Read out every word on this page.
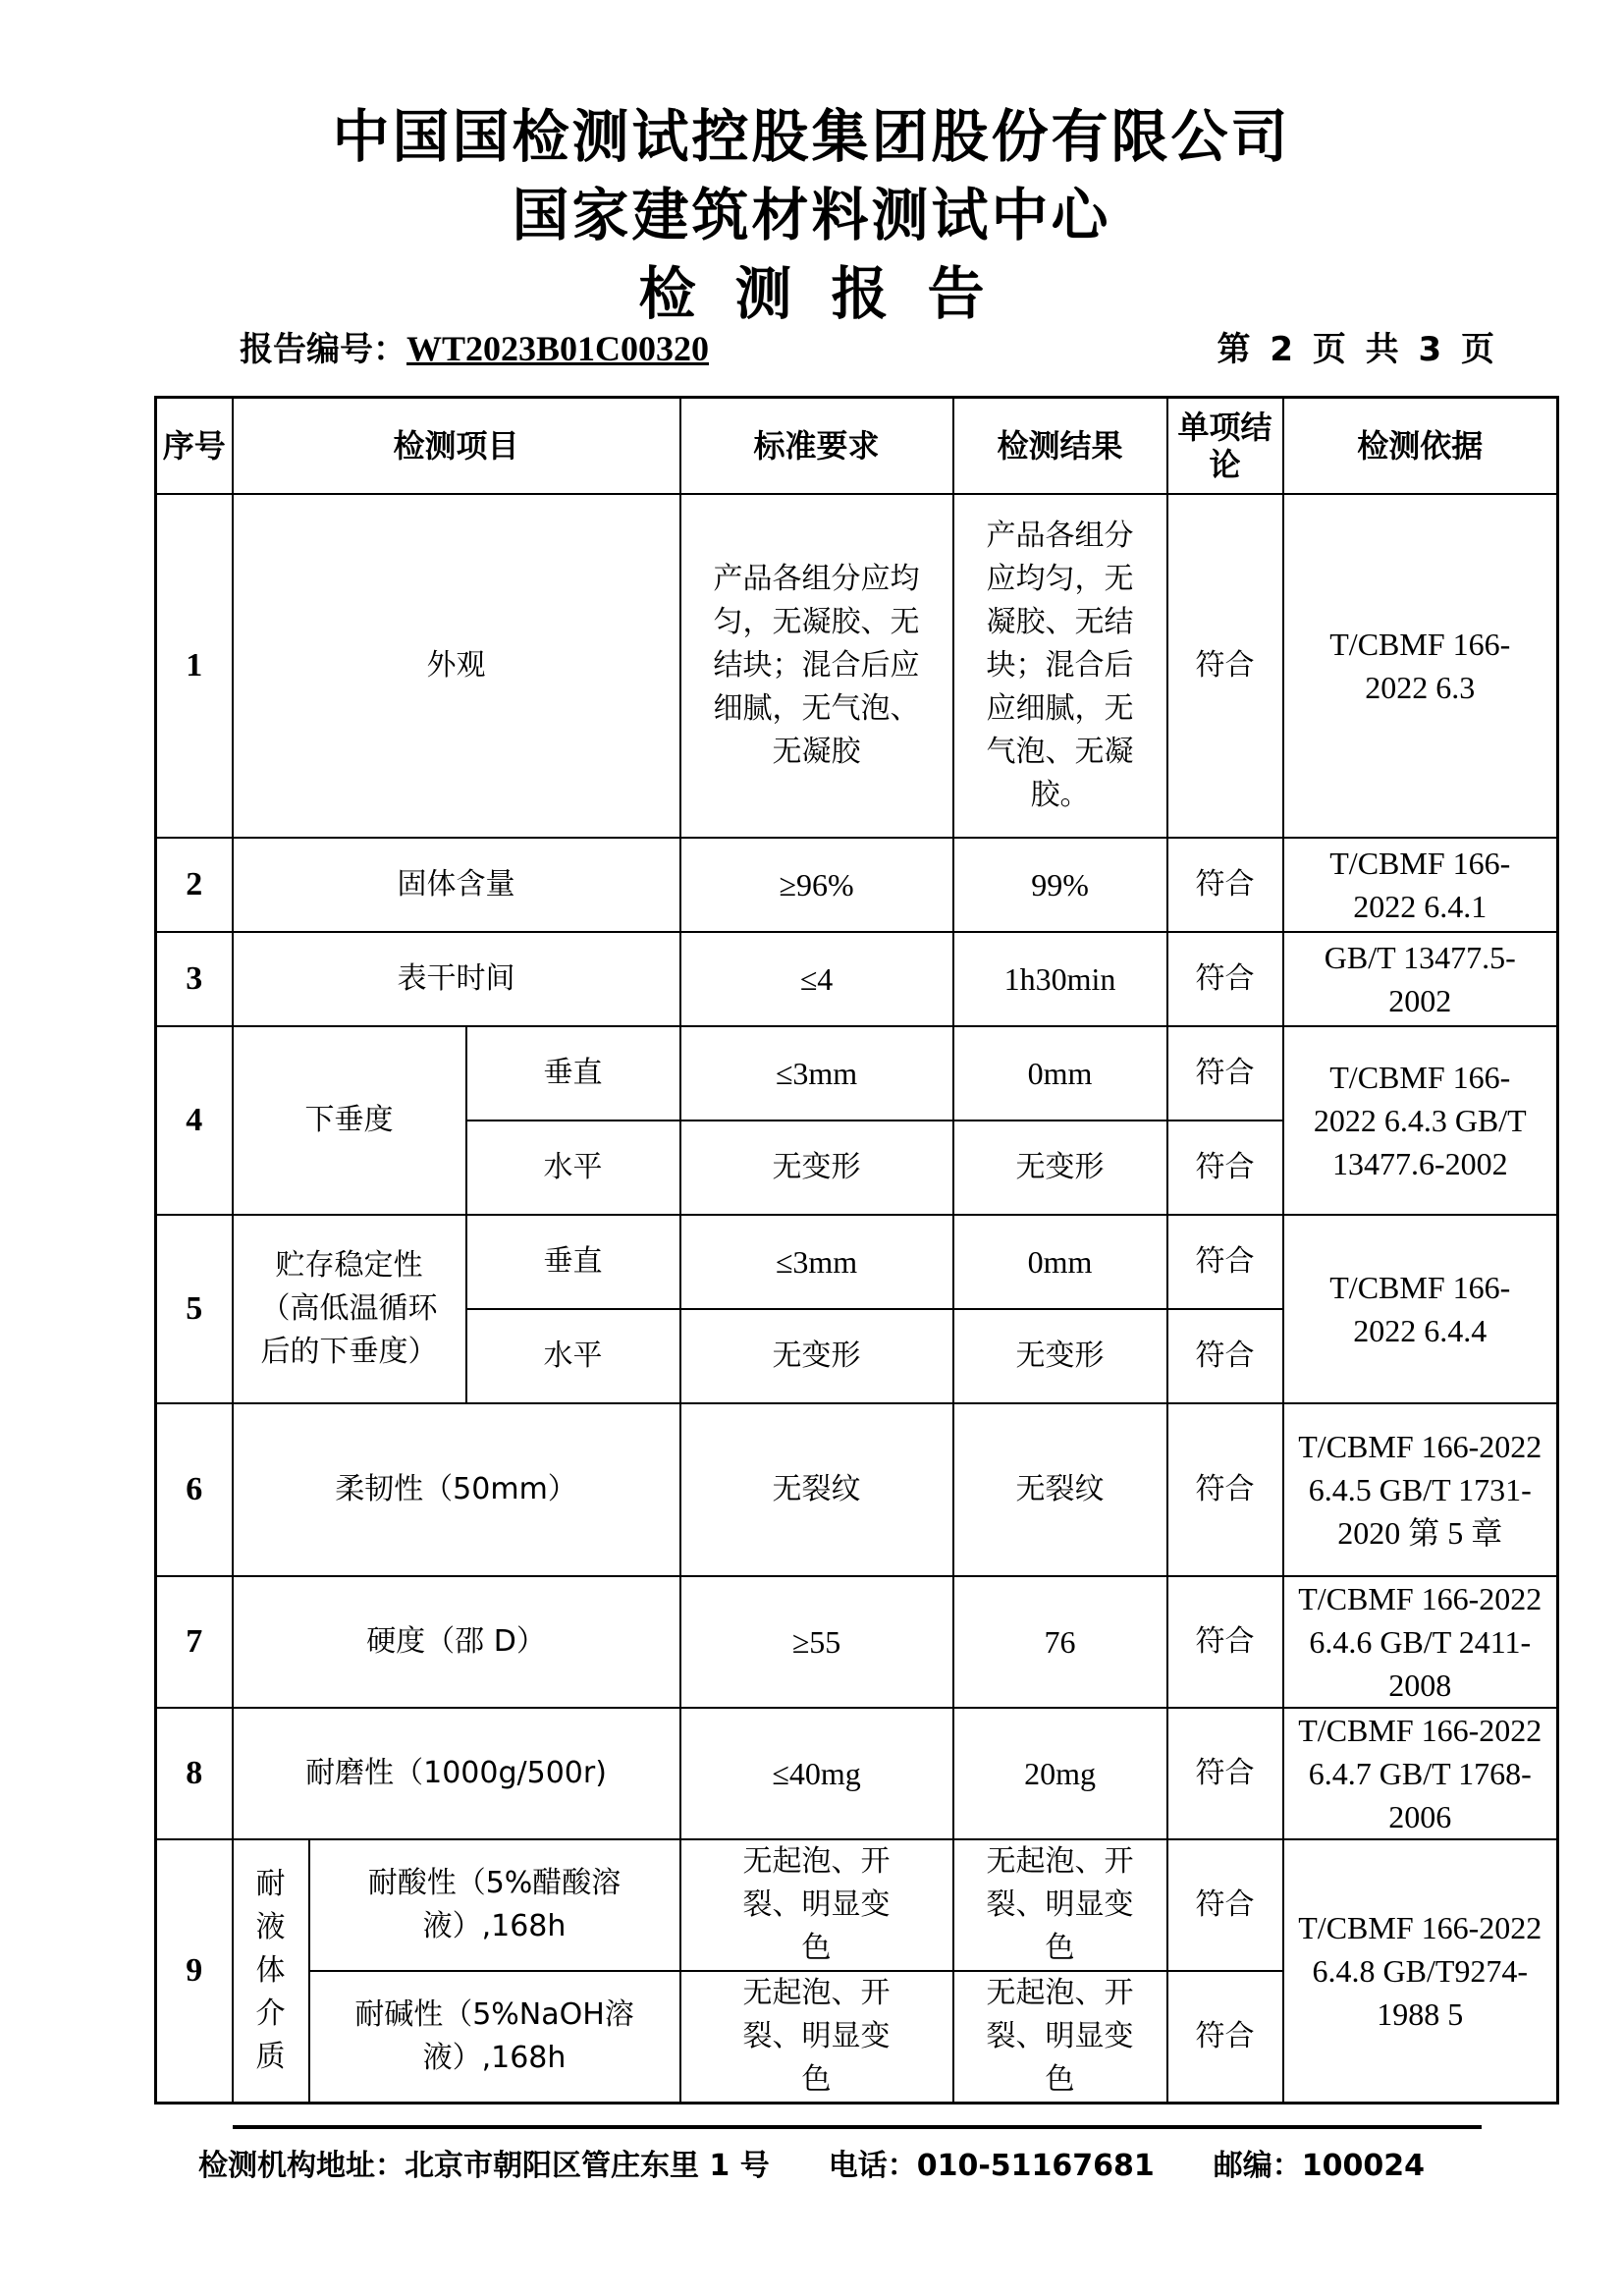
中国国检测试控股集团股份有限公司
国家建筑材料测试中心
检测报告
报告编号：WT2023B01C00320	第 2 页 共 3 页
序号	检测项目			标准要求	检测结果	单项结论	检测依据
1	外观			产品各组分应均匀，无凝胶、无结块；混合后应细腻，无气泡、无凝胶	产品各组分应均匀，无凝胶、无结块；混合后应细腻，无气泡、无凝胶。	符合	T/CBMF 166-2022 6.3
2	固体含量			≥96%	99%	符合	T/CBMF 166-2022 6.4.1
3	表干时间			≤4	1h30min	符合	GB/T 13477.5-2002
4	下垂度		垂直	≤3mm	0mm	符合	T/CBMF 166-2022 6.4.3 GB/T 13477.6-2002
			水平	无变形	无变形	符合	
5	贮存稳定性（高低温循环后的下垂度）		垂直	≤3mm	0mm	符合	T/CBMF 166-2022 6.4.4
			水平	无变形	无变形	符合	
6	柔韧性（50mm）			无裂纹	无裂纹	符合	T/CBMF 166-2022 6.4.5 GB/T 1731-2020 第 5 章
7	硬度（邵 D）			≥55	76	符合	T/CBMF 166-2022 6.4.6 GB/T 2411-2008
8	耐磨性（1000g/500r)			≤40mg	20mg	符合	T/CBMF 166-2022 6.4.7 GB/T 1768-2006
9	耐液体介质	耐酸性（5%醋酸溶液）,168h		无起泡、开裂、明显变色	无起泡、开裂、明显变色	符合	T/CBMF 166-2022 6.4.8 GB/T9274-1988 5
		耐碱性（5%NaOH溶液）,168h		无起泡、开裂、明显变色	无起泡、开裂、明显变色	符合	
检测机构地址：北京市朝阳区管庄东里 1 号　　电话：010-51167681　　邮编：100024
